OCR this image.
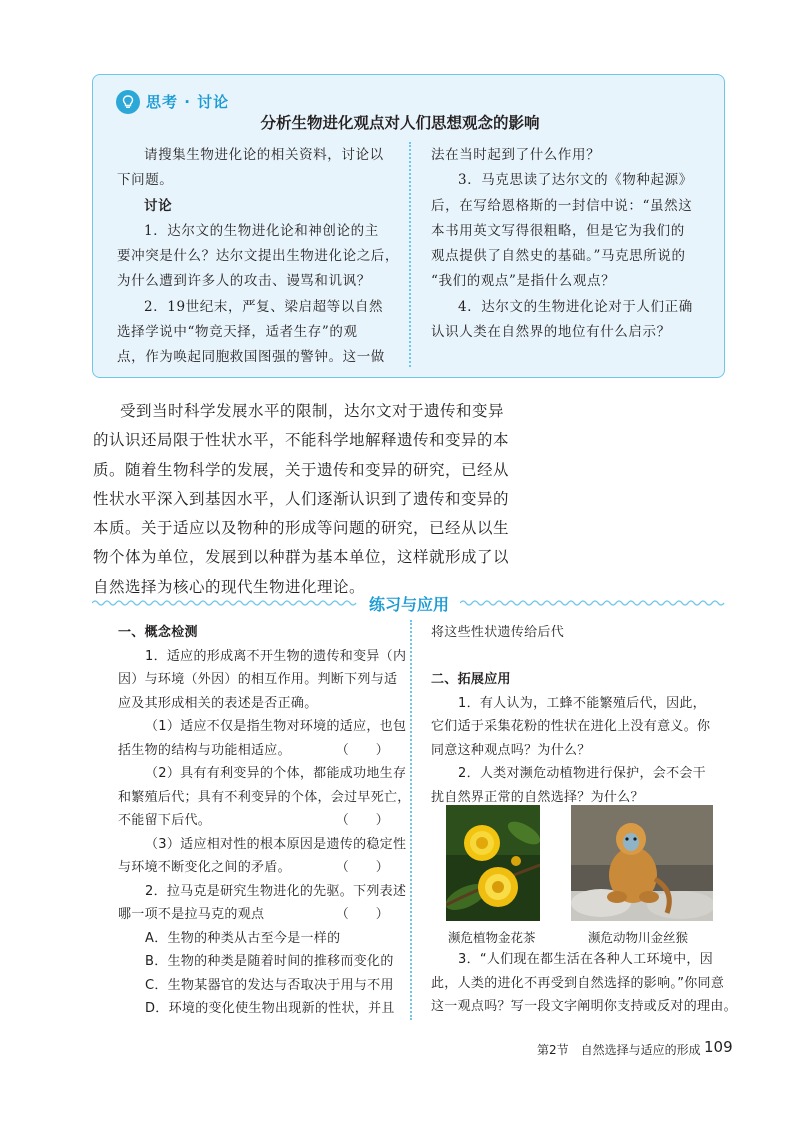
思考 · 讨论
分析生物进化观点对人们思想观念的影响
请搜集生物进化论的相关资料，讨论以
下问题。
讨论
1．达尔文的生物进化论和神创论的主
要冲突是什么？达尔文提出生物进化论之后，
为什么遭到许多人的攻击、谩骂和讥讽？
2．19世纪末，严复、梁启超等以自然
选择学说中“物竞天择，适者生存”的观
点，作为唤起同胞救国图强的警钟。这一做
法在当时起到了什么作用？
3．马克思读了达尔文的《物种起源》
后，在写给恩格斯的一封信中说：“虽然这
本书用英文写得很粗略，但是它为我们的
观点提供了自然史的基础。”马克思所说的
“我们的观点”是指什么观点？
4．达尔文的生物进化论对于人们正确
认识人类在自然界的地位有什么启示？
受到当时科学发展水平的限制，达尔文对于遗传和变异
的认识还局限于性状水平，不能科学地解释遗传和变异的本
质。随着生物科学的发展，关于遗传和变异的研究，已经从
性状水平深入到基因水平，人们逐渐认识到了遗传和变异的
本质。关于适应以及物种的形成等问题的研究，已经从以生
物个体为单位，发展到以种群为基本单位，这样就形成了以
自然选择为核心的现代生物进化理论。
练习与应用
一、概念检测
1．适应的形成离不开生物的遗传和变异（内
因）与环境（外因）的相互作用。判断下列与适
应及其形成相关的表述是否正确。
（1）适应不仅是指生物对环境的适应，也包
括生物的结构与功能相适应。	（　　）
（2）具有有利变异的个体，都能成功地生存
和繁殖后代；具有不利变异的个体，会过早死亡，
不能留下后代。	（　　）
（3）适应相对性的根本原因是遗传的稳定性
与环境不断变化之间的矛盾。	（　　）
2．拉马克是研究生物进化的先驱。下列表述
哪一项不是拉马克的观点	（　　）
A．生物的种类从古至今是一样的
B．生物的种类是随着时间的推移而变化的
C．生物某器官的发达与否取决于用与不用
D．环境的变化使生物出现新的性状，并且
将这些性状遗传给后代
二、拓展应用
1．有人认为，工蜂不能繁殖后代，因此，
它们适于采集花粉的性状在进化上没有意义。你
同意这种观点吗？为什么？
2．人类对濒危动植物进行保护，会不会干
扰自然界正常的自然选择？为什么？
濒危植物金花茶	濒危动物川金丝猴
3．“人们现在都生活在各种人工环境中，因
此，人类的进化不再受到自然选择的影响。”你同意
这一观点吗？写一段文字阐明你支持或反对的理由。
第2节　自然选择与适应的形成 109
